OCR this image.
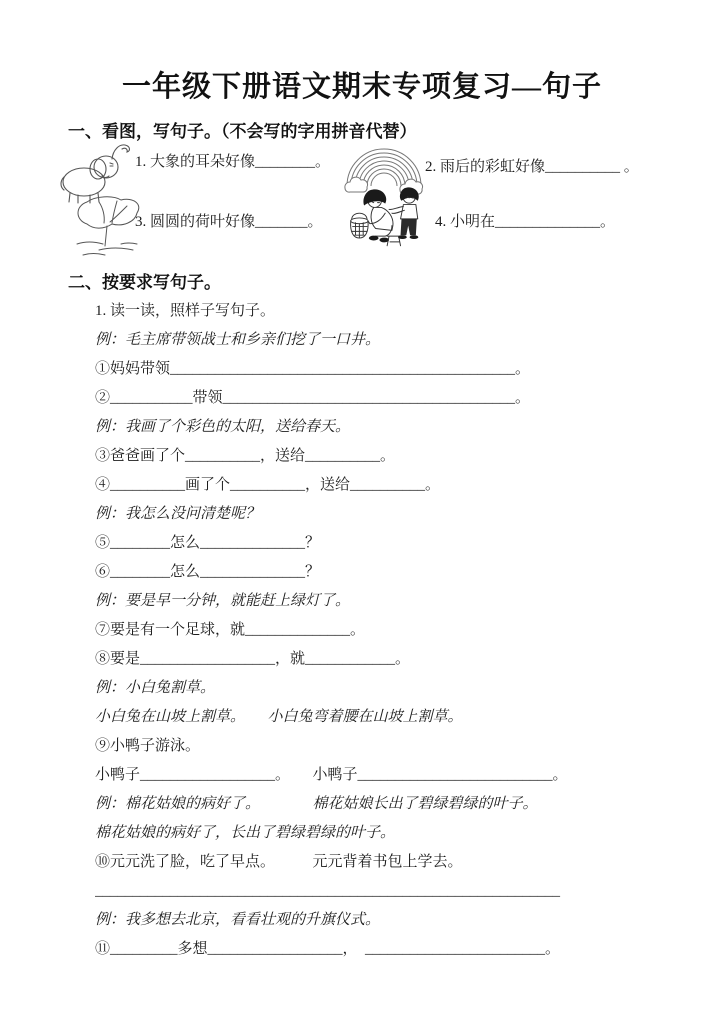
一年级下册语文期末专项复习—句子
一、看图，写句子。（不会写的字用拼音代替）
1. 大象的耳朵好像________。	2. 雨后的彩虹好像__________ 。
3. 圆圆的荷叶好像_______。	4. 小明在______________。
二、按要求写句子。
1. 读一读，照样子写句子。
例：毛主席带领战士和乡亲们挖了一口井。
①妈妈带领______________________________________________。
②___________带领_______________________________________。
例：我画了个彩色的太阳，送给春天。
③爸爸画了个__________，送给__________。
④__________画了个__________，送给__________。
例：我怎么没问清楚呢？
⑤________怎么______________？
⑥________怎么______________？
例：要是早一分钟，就能赶上绿灯了。
⑦要是有一个足球，就______________。
⑧要是__________________，就____________。
例：小白兔割草。
小白兔在山坡上割草。　　小白兔弯着腰在山坡上割草。
⑨小鸭子游泳。
小鸭子__________________。　　小鸭子__________________________。
例：棉花姑娘的病好了。　　　　棉花姑娘长出了碧绿碧绿的叶子。
棉花姑娘的病好了，长出了碧绿碧绿的叶子。
⑩元元洗了脸，吃了早点。　　　元元背着书包上学去。
______________________________________________________________
例：我多想去北京，看看壮观的升旗仪式。
⑪_________多想__________________，　________________________。
